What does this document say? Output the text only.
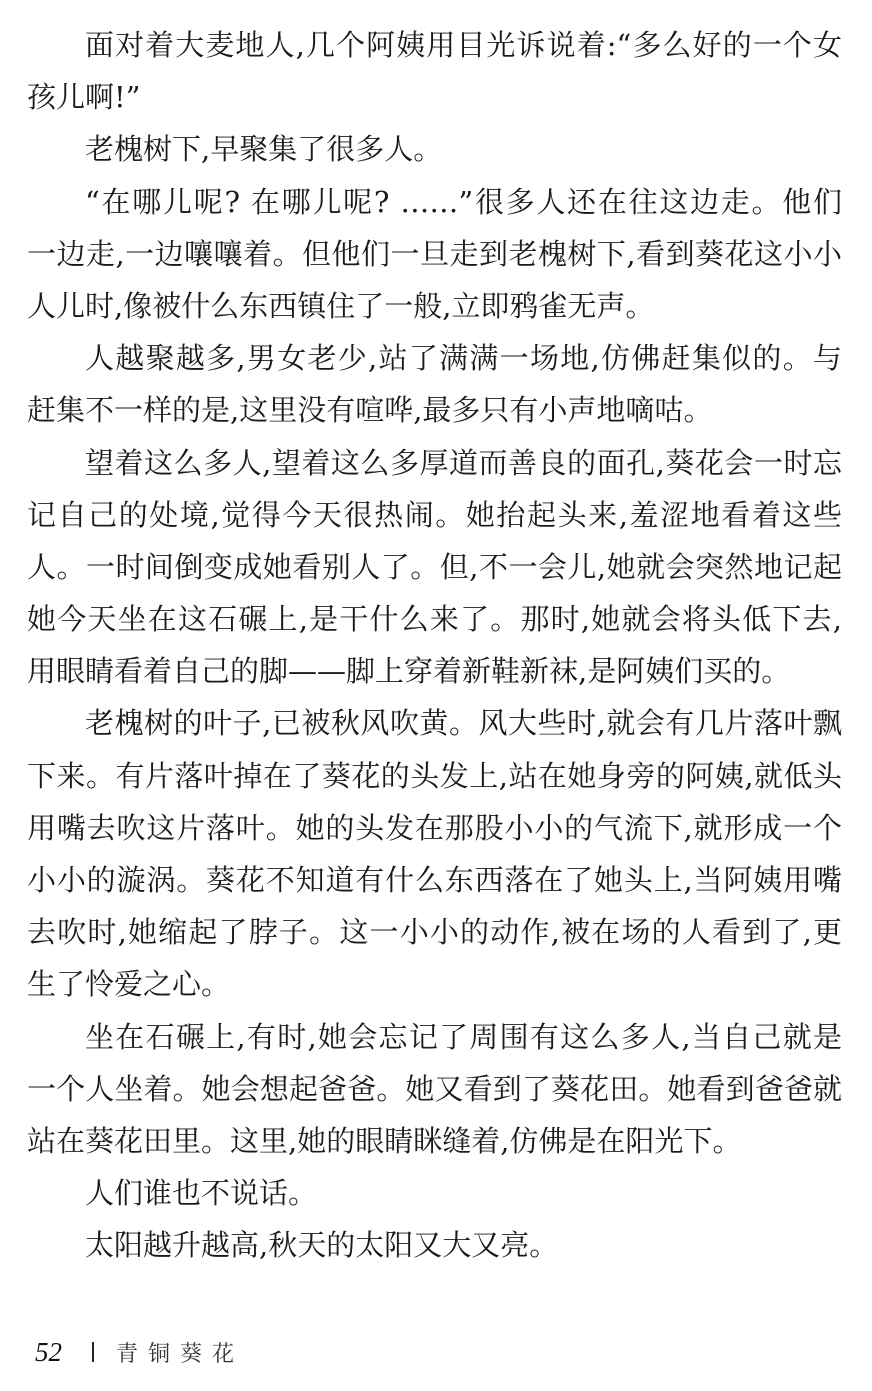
面对着大麦地人,几个阿姨用目光诉说着:“多么好的一个女
孩儿啊!”
老槐树下,早聚集了很多人。
“在哪儿呢? 在哪儿呢? ……”很多人还在往这边走。他们
一边走,一边嚷嚷着。但他们一旦走到老槐树下,看到葵花这小小
人儿时,像被什么东西镇住了一般,立即鸦雀无声。
人越聚越多,男女老少,站了满满一场地,仿佛赶集似的。与
赶集不一样的是,这里没有喧哗,最多只有小声地嘀咕。
望着这么多人,望着这么多厚道而善良的面孔,葵花会一时忘
记自己的处境,觉得今天很热闹。她抬起头来,羞涩地看着这些
人。一时间倒变成她看别人了。但,不一会儿,她就会突然地记起
她今天坐在这石碾上,是干什么来了。那时,她就会将头低下去,
用眼睛看着自己的脚——脚上穿着新鞋新袜,是阿姨们买的。
老槐树的叶子,已被秋风吹黄。风大些时,就会有几片落叶飘
下来。有片落叶掉在了葵花的头发上,站在她身旁的阿姨,就低头
用嘴去吹这片落叶。她的头发在那股小小的气流下,就形成一个
小小的漩涡。葵花不知道有什么东西落在了她头上,当阿姨用嘴
去吹时,她缩起了脖子。这一小小的动作,被在场的人看到了,更
生了怜爱之心。
坐在石碾上,有时,她会忘记了周围有这么多人,当自己就是
一个人坐着。她会想起爸爸。她又看到了葵花田。她看到爸爸就
站在葵花田里。这里,她的眼睛眯缝着,仿佛是在阳光下。
人们谁也不说话。
太阳越升越高,秋天的太阳又大又亮。
52 青铜葵花
